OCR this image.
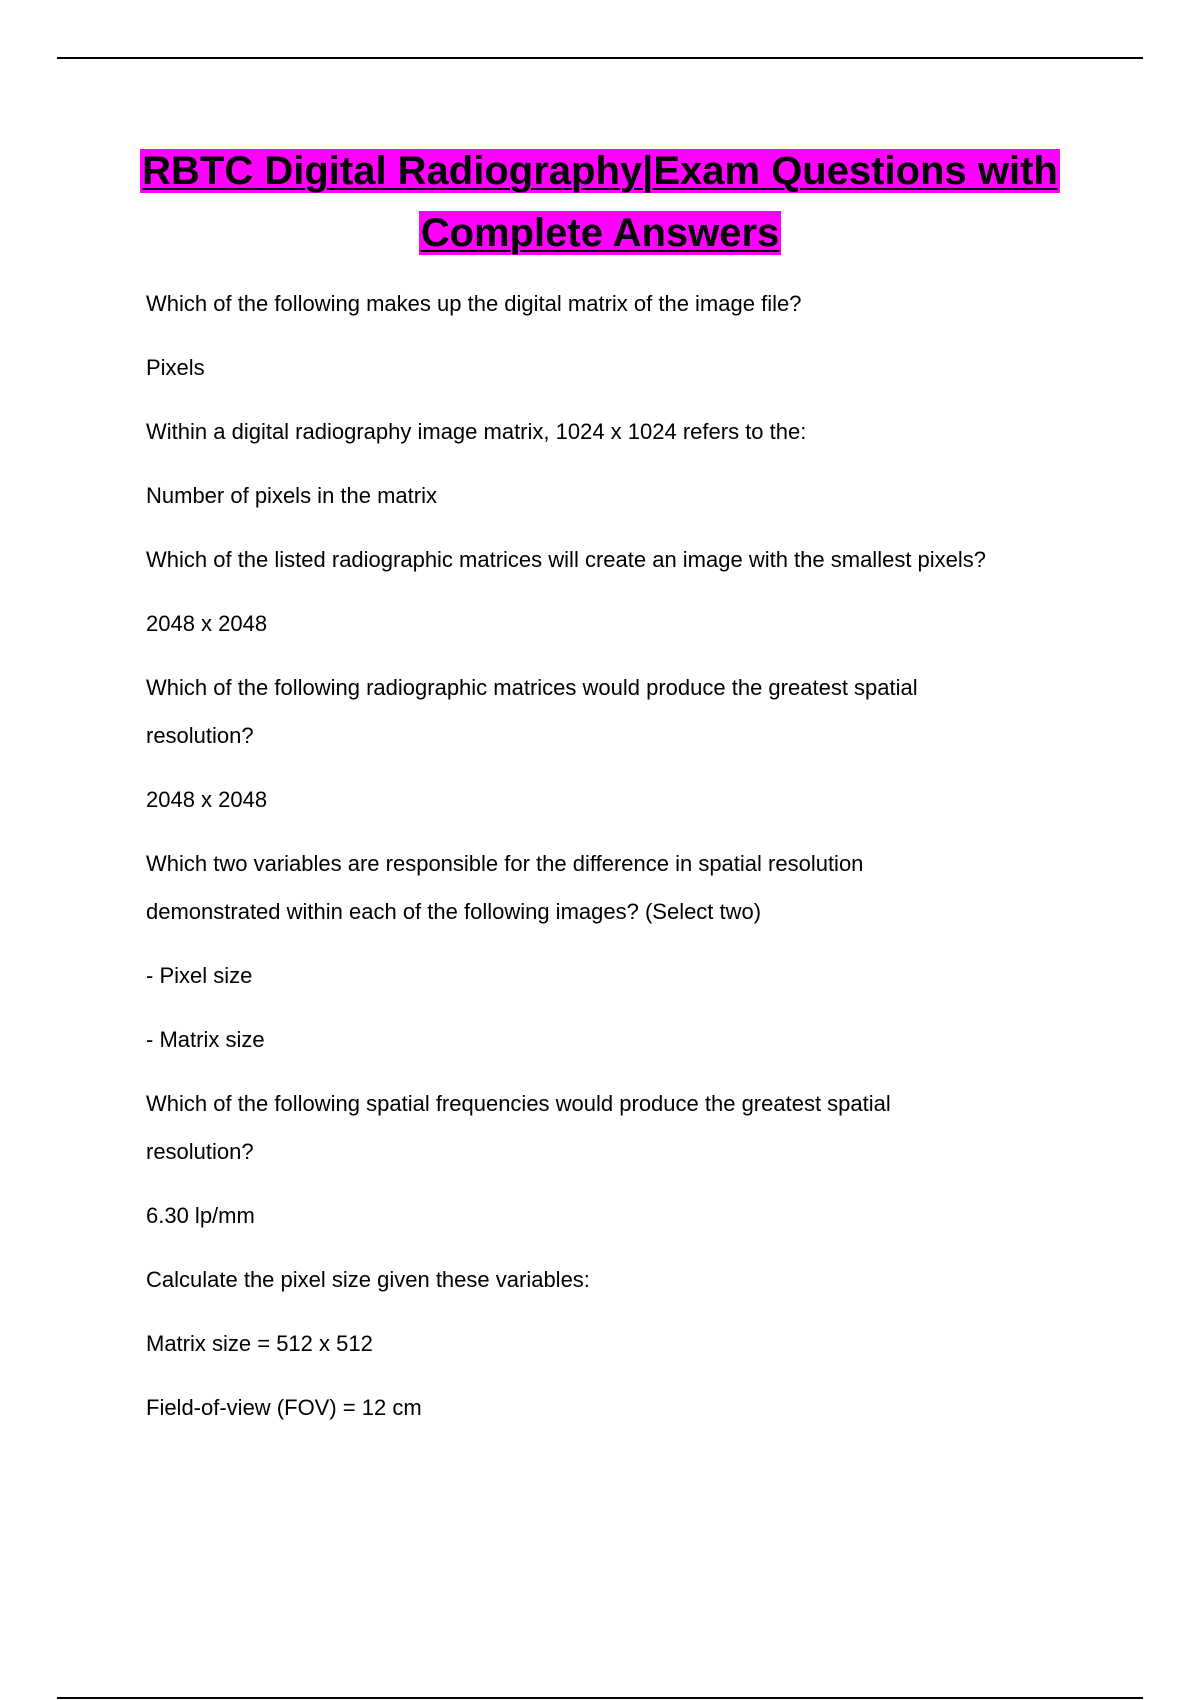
RBTC Digital Radiography|Exam Questions with
Complete Answers

Which of the following makes up the digital matrix of the image file?

Pixels

Within a digital radiography image matrix, 1024 x 1024 refers to the:

Number of pixels in the matrix

Which of the listed radiographic matrices will create an image with the smallest pixels?

2048 x 2048

Which of the following radiographic matrices would produce the greatest spatial

resolution?

2048 x 2048

Which two variables are responsible for the difference in spatial resolution

demonstrated within each of the following images? (Select two)

- Pixel size

- Matrix size

Which of the following spatial frequencies would produce the greatest spatial

resolution?

6.30 lp/mm

Calculate the pixel size given these variables:

Matrix size = 512 x 512

Field-of-view (FOV) = 12 cm
